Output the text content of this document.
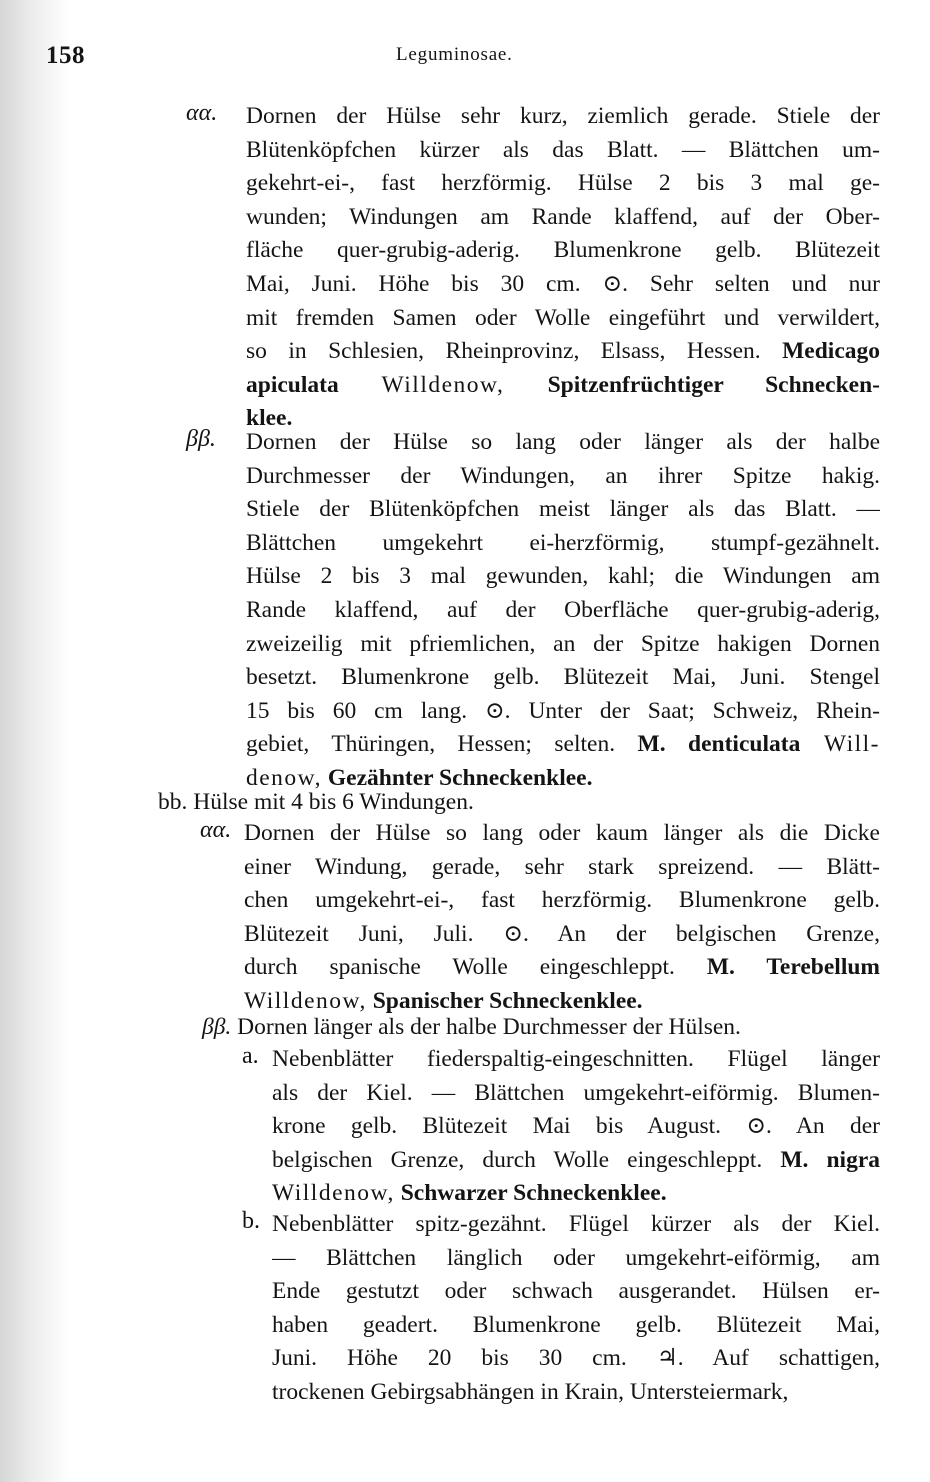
158	Leguminosae.
αα. Dornen der Hülse sehr kurz, ziemlich gerade. Stiele der
Blütenköpfchen kürzer als das Blatt. — Blättchen um-
gekehrt-ei-, fast herzförmig. Hülse 2 bis 3 mal ge-
wunden; Windungen am Rande klaffend, auf der Ober-
fläche quer-grubig-aderig. Blumenkrone gelb. Blütezeit
Mai, Juni. Höhe bis 30 cm. ⊙. Sehr selten und nur
mit fremden Samen oder Wolle eingeführt und verwildert,
so in Schlesien, Rheinprovinz, Elsass, Hessen. Medicago
apiculata Willdenow, Spitzenfrüchtiger Schnecken-
klee.
ββ. Dornen der Hülse so lang oder länger als der halbe
Durchmesser der Windungen, an ihrer Spitze hakig.
Stiele der Blütenköpfchen meist länger als das Blatt. —
Blättchen umgekehrt ei-herzförmig, stumpf-gezähnelt.
Hülse 2 bis 3 mal gewunden, kahl; die Windungen am
Rande klaffend, auf der Oberfläche quer-grubig-aderig,
zweizeilig mit pfriemlichen, an der Spitze hakigen Dornen
besetzt. Blumenkrone gelb. Blütezeit Mai, Juni. Stengel
15 bis 60 cm lang. ⊙. Unter der Saat; Schweiz, Rhein-
gebiet, Thüringen, Hessen; selten. M. denticulata Will-
denow, Gezähnter Schneckenklee.
bb. Hülse mit 4 bis 6 Windungen.
αα. Dornen der Hülse so lang oder kaum länger als die Dicke
einer Windung, gerade, sehr stark spreizend. — Blätt-
chen umgekehrt-ei-, fast herzförmig. Blumenkrone gelb.
Blütezeit Juni, Juli. ⊙. An der belgischen Grenze,
durch spanische Wolle eingeschleppt. M. Terebellum
Willdenow, Spanischer Schneckenklee.
ββ. Dornen länger als der halbe Durchmesser der Hülsen.
a. Nebenblätter fiederspaltig-eingeschnitten. Flügel länger
als der Kiel. — Blättchen umgekehrt-eiförmig. Blumen-
krone gelb. Blütezeit Mai bis August. ⊙. An der
belgischen Grenze, durch Wolle eingeschleppt. M. nigra
Willdenow, Schwarzer Schneckenklee.
b. Nebenblätter spitz-gezähnt. Flügel kürzer als der Kiel.
— Blättchen länglich oder umgekehrt-eiförmig, am
Ende gestutzt oder schwach ausgerandet. Hülsen er-
haben geadert. Blumenkrone gelb. Blütezeit Mai,
Juni. Höhe 20 bis 30 cm. ♃. Auf schattigen,
trockenen Gebirgsabhängen in Krain, Untersteiermark,
